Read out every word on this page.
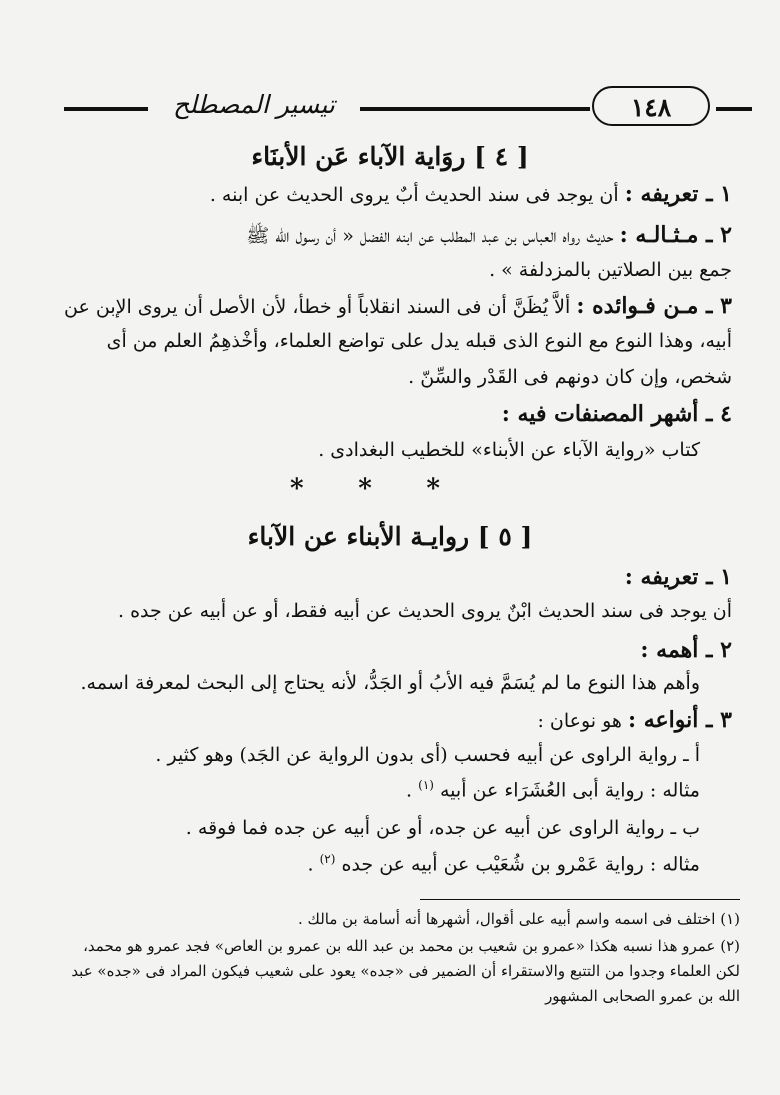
تيسير المصطلح	١٤٨
[ ٤ ] روَاية الآباء عَن الأبنَاء
١ ـ تعريفه : أن يوجد فى سند الحديث أبٌ يروى الحديث عن ابنه .
٢ ـ مـثـالـه : حديث رواه العباس بن عبد المطلب عن ابنه الفضل « أن رسول الله ﷺ
جمع بين الصلاتين بالمزدلفة » .
٣ ـ مـن فـوائده : ألاَّ يُظَنَّ أن فى السند انقلاباً أو خطأ، لأن الأصل أن يروى الإبن عن
أبيه، وهذا النوع مع النوع الذى قبله يدل على تواضع العلماء، وأخْذهِمُ العلم من أى
شخص، وإن كان دونهم فى القَدْر والسِّنّ .
٤ ـ أشهر المصنفات فيه :
كتاب «رواية الآباء عن الأبناء» للخطيب البغدادى .
* * *
[ ٥ ] روايـة الأبناء عن الآباء
١ ـ تعريفه :
أن يوجد فى سند الحديث ابْنٌ يروى الحديث عن أبيه فقط، أو عن أبيه عن جده .
٢ ـ أهمه :
وأهم هذا النوع ما لم يُسَمَّ فيه الأبُ أو الجَدُّ، لأنه يحتاج إلى البحث لمعرفة اسمه.
٣ ـ أنواعه : هو نوعان :
أ ـ رواية الراوى عن أبيه فحسب (أى بدون الرواية عن الجَد) وهو كثير .
مثاله : رواية أبى العُشَرَاء عن أبيه $^{(١)}$ .
ب ـ رواية الراوى عن أبيه عن جده، أو عن أبيه عن جده فما فوقه .
مثاله : رواية عَمْرو بن شُعَيْب عن أبيه عن جده $^{(٢)}$ .
(١) اختلف فى اسمه واسم أبيه على أقوال، أشهرها أنه أسامة بن مالك .
(٢) عمرو هذا نسبه هكذا «عمرو بن شعيب بن محمد بن عبد الله بن عمرو بن العاص» فجد عمرو هو محمد،
لكن العلماء وجدوا من التتبع والاستقراء أن الضمير فى «جده» يعود على شعيب فيكون المراد فى «جده» عبد
الله بن عمرو الصحابى المشهور
